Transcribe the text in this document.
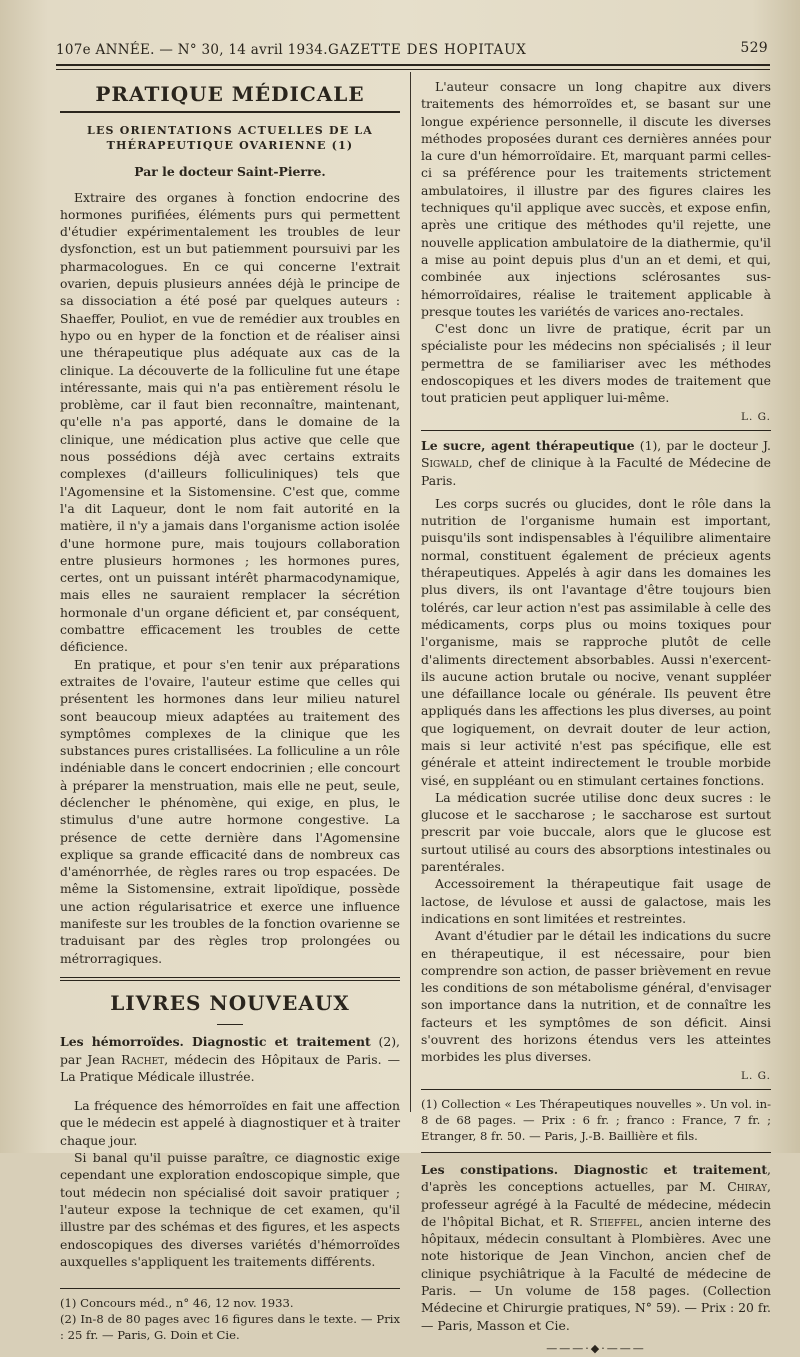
107e ANNÉE. — N° 30, 14 avril 1934. GAZETTE DES HOPITAUX	529
PRATIQUE MÉDICALE
LES ORIENTATIONS ACTUELLES DE LA THÉRAPEUTIQUE OVARIENNE (1)
Par le docteur Saint-Pierre.

Extraire des organes à fonction endocrine des hormones purifiées, éléments purs qui permettent d'étudier expérimentalement les troubles de leur dysfonction, est un but patiemment poursuivi par les pharmacologues. En ce qui concerne l'extrait ovarien, depuis plusieurs années déjà le principe de sa dissociation a été posé par quelques auteurs : Shaeffer, Pouliot, en vue de remédier aux troubles en hypo ou en hyper de la fonction et de réaliser ainsi une thérapeutique plus adéquate aux cas de la clinique. La découverte de la folliculine fut une étape intéressante, mais qui n'a pas entièrement résolu le problème, car il faut bien reconnaître, maintenant, qu'elle n'a pas apporté, dans le domaine de la clinique, une médication plus active que celle que nous possédions déjà avec certains extraits complexes (d'ailleurs folliculiniques) tels que l'Agomensine et la Sistomensine. C'est que, comme l'a dit Laqueur, dont le nom fait autorité en la matière, il n'y a jamais dans l'organisme action isolée d'une hormone pure, mais toujours collaboration entre plusieurs hormones ; les hormones pures, certes, ont un puissant intérêt pharmacodynamique, mais elles ne sauraient remplacer la sécrétion hormonale d'un organe déficient et, par conséquent, combattre efficacement les troubles de cette déficience.

En pratique, et pour s'en tenir aux préparations extraites de l'ovaire, l'auteur estime que celles qui présentent les hormones dans leur milieu naturel sont beaucoup mieux adaptées au traitement des symptômes complexes de la clinique que les substances pures cristallisées. La folliculine a un rôle indéniable dans le concert endocrinien ; elle concourt à préparer la menstruation, mais elle ne peut, seule, déclencher le phénomène, qui exige, en plus, le stimulus d'une autre hormone congestive. La présence de cette dernière dans l'Agomensine explique sa grande efficacité dans de nombreux cas d'aménorrhée, de règles rares ou trop espacées. De même la Sistomensine, extrait lipoïdique, possède une action régularisatrice et exerce une influence manifeste sur les troubles de la fonction ovarienne se traduisant par des règles trop prolongées ou métrorragiques.

LIVRES NOUVEAUX

Les hémorroïdes. Diagnostic et traitement (2), par Jean Rachet, médecin des Hôpitaux de Paris. — La Pratique Médicale illustrée.

La fréquence des hémorroïdes en fait une affection que le médecin est appelé à diagnostiquer et à traiter chaque jour.

Si banal qu'il puisse paraître, ce diagnostic exige cependant une exploration endoscopique simple, que tout médecin non spécialisé doit savoir pratiquer ; l'auteur expose la technique de cet examen, qu'il illustre par des schémas et des figures, et les aspects endoscopiques des diverses variétés d'hémorroïdes auxquelles s'appliquent les traitements différents.

(1) Concours méd., n° 46, 12 nov. 1933.

(2) In-8 de 80 pages avec 16 figures dans le texte. — Prix : 25 fr. — Paris, G. Doin et Cie.

L'auteur consacre un long chapitre aux divers traitements des hémorroïdes et, se basant sur une longue expérience personnelle, il discute les diverses méthodes proposées durant ces dernières années pour la cure d'un hémorroïdaire. Et, marquant parmi celles-ci sa préférence pour les traitements strictement ambulatoires, il illustre par des figures claires les techniques qu'il applique avec succès, et expose enfin, après une critique des méthodes qu'il rejette, une nouvelle application ambulatoire de la diathermie, qu'il a mise au point depuis plus d'un an et demi, et qui, combinée aux injections sclérosantes sus-hémorroïdaires, réalise le traitement applicable à presque toutes les variétés de varices ano-rectales.

C'est donc un livre de pratique, écrit par un spécialiste pour les médecins non spécialisés ; il leur permettra de se familiariser avec les méthodes endoscopiques et les divers modes de traitement que tout praticien peut appliquer lui-même.

L. G.

Le sucre, agent thérapeutique (1), par le docteur J. Sigwald, chef de clinique à la Faculté de Médecine de Paris.

Les corps sucrés ou glucides, dont le rôle dans la nutrition de l'organisme humain est important, puisqu'ils sont indispensables à l'équilibre alimentaire normal, constituent également de précieux agents thérapeutiques. Appelés à agir dans les domaines les plus divers, ils ont l'avantage d'être toujours bien tolérés, car leur action n'est pas assimilable à celle des médicaments, corps plus ou moins toxiques pour l'organisme, mais se rapproche plutôt de celle d'aliments directement absorbables. Aussi n'exercent-ils aucune action brutale ou nocive, venant suppléer une défaillance locale ou générale. Ils peuvent être appliqués dans les affections les plus diverses, au point que logiquement, on devrait douter de leur action, mais si leur activité n'est pas spécifique, elle est générale et atteint indirectement le trouble morbide visé, en suppléant ou en stimulant certaines fonctions.

La médication sucrée utilise donc deux sucres : le glucose et le saccharose ; le saccharose est surtout prescrit par voie buccale, alors que le glucose est surtout utilisé au cours des absorptions intestinales ou parentérales.

Accessoirement la thérapeutique fait usage de lactose, de lévulose et aussi de galactose, mais les indications en sont limitées et restreintes.

Avant d'étudier par le détail les indications du sucre en thérapeutique, il est nécessaire, pour bien comprendre son action, de passer brièvement en revue les conditions de son métabolisme général, d'envisager son importance dans la nutrition, et de connaître les facteurs et les symptômes de son déficit. Ainsi s'ouvrent des horizons étendus vers les atteintes morbides les plus diverses.

L. G.

(1) Collection « Les Thérapeutiques nouvelles ». Un vol. in-8 de 68 pages. — Prix : 6 fr. ; franco : France, 7 fr. ; Etranger, 8 fr. 50. — Paris, J.-B. Baillière et fils.

Les constipations. Diagnostic et traitement, d'après les conceptions actuelles, par M. Chiray, professeur agrégé à la Faculté de médecine, médecin de l'hôpital Bichat, et R. Stieffel, ancien interne des hôpitaux, médecin consultant à Plombières. Avec une note historique de Jean Vinchon, ancien chef de clinique psychiâtrique à la Faculté de médecine de Paris. — Un volume de 158 pages. (Collection Médecine et Chirurgie pratiques, N° 59). — Prix : 20 fr. — Paris, Masson et Cie.

———·◆·———
